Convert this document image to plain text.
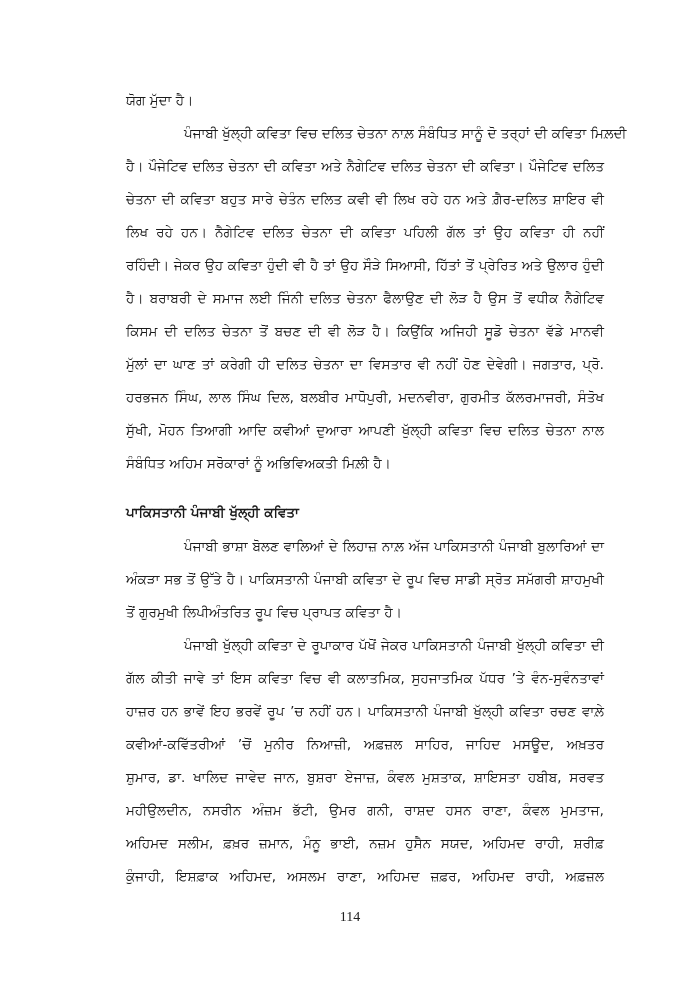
ਯੋਗ ਮੁੱਦਾ ਹੈ।
ਪੰਜਾਬੀ ਖੁੱਲ੍ਹੀ ਕਵਿਤਾ ਵਿਚ ਦਲਿਤ ਚੇਤਨਾ ਨਾਲ਼ ਸੰਬੰਧਿਤ ਸਾਨੂੰ ਦੋ ਤਰ੍ਹਾਂ ਦੀ ਕਵਿਤਾ ਮਿਲ਼ਦੀ
ਹੈ। ਪੌਜੇਟਿਵ ਦਲਿਤ ਚੇਤਨਾ ਦੀ ਕਵਿਤਾ ਅਤੇ ਨੈਗੇਟਿਵ ਦਲਿਤ ਚੇਤਨਾ ਦੀ ਕਵਿਤਾ। ਪੌਜੇਟਿਵ ਦਲਿਤ
ਚੇਤਨਾ ਦੀ ਕਵਿਤਾ ਬਹੁਤ ਸਾਰੇ ਚੇਤੰਨ ਦਲਿਤ ਕਵੀ ਵੀ ਲਿਖ ਰਹੇ ਹਨ ਅਤੇ ਗ਼ੈਰ-ਦਲਿਤ ਸ਼ਾਇਰ ਵੀ
ਲਿਖ ਰਹੇ ਹਨ। ਨੈਗੇਟਿਵ ਦਲਿਤ ਚੇਤਨਾ ਦੀ ਕਵਿਤਾ ਪਹਿਲੀ ਗੱਲ ਤਾਂ ਉਹ ਕਵਿਤਾ ਹੀ ਨਹੀਂ
ਰਹਿੰਦੀ। ਜੇਕਰ ਉਹ ਕਵਿਤਾ ਹੁੰਦੀ ਵੀ ਹੈ ਤਾਂ ਉਹ ਸੌੜੇ ਸਿਆਸੀ, ਹਿੱਤਾਂ ਤੋਂ ਪ੍ਰੇਰਿਤ ਅਤੇ ਉਲਾਰ ਹੁੰਦੀ
ਹੈ। ਬਰਾਬਰੀ ਦੇ ਸਮਾਜ ਲਈ ਜਿੰਨੀ ਦਲਿਤ ਚੇਤਨਾ ਫੈਲਾਉਣ ਦੀ ਲੋੜ ਹੈ ਉਸ ਤੋਂ ਵਧੀਕ ਨੈਗੇਟਿਵ
ਕਿਸਮ ਦੀ ਦਲਿਤ ਚੇਤਨਾ ਤੋਂ ਬਚਣ ਦੀ ਵੀ ਲੋੜ ਹੈ। ਕਿਉਂਕਿ ਅਜਿਹੀ ਸੂਡੋ ਚੇਤਨਾ ਵੱਡੇ ਮਾਨਵੀ
ਮੁੱਲਾਂ ਦਾ ਘਾਣ ਤਾਂ ਕਰੇਗੀ ਹੀ ਦਲਿਤ ਚੇਤਨਾ ਦਾ ਵਿਸਤਾਰ ਵੀ ਨਹੀਂ ਹੋਣ ਦੇਵੇਗੀ। ਜਗਤਾਰ, ਪ੍ਰੋ.
ਹਰਭਜਨ ਸਿੰਘ, ਲਾਲ ਸਿੰਘ ਦਿਲ, ਬਲਬੀਰ ਮਾਧੋਪੁਰੀ, ਮਦਨਵੀਰਾ, ਗੁਰਮੀਤ ਕੱਲਰਮਾਜਰੀ, ਸੰਤੋਖ
ਸੁੱਖੀ, ਮੋਹਨ ਤਿਆਗੀ ਆਦਿ ਕਵੀਆਂ ਦੁਆਰਾ ਆਪਣੀ ਖੁੱਲ੍ਹੀ ਕਵਿਤਾ ਵਿਚ ਦਲਿਤ ਚੇਤਨਾ ਨਾਲ
ਸੰਬੰਧਿਤ ਅਹਿਮ ਸਰੋਕਾਰਾਂ ਨੂੰ ਅਭਿਵਿਅਕਤੀ ਮਿਲ਼ੀ ਹੈ।
ਪਾਕਿਸਤਾਨੀ ਪੰਜਾਬੀ ਖੁੱਲ੍ਹੀ ਕਵਿਤਾ
ਪੰਜਾਬੀ ਭਾਸ਼ਾ ਬੋਲਣ ਵਾਲਿਆਂ ਦੇ ਲਿਹਾਜ਼ ਨਾਲ਼ ਅੱਜ ਪਾਕਿਸਤਾਨੀ ਪੰਜਾਬੀ ਬੁਲਾਰਿਆਂ ਦਾ
ਅੰਕੜਾ ਸਭ ਤੋਂ ਉੱਤੇ ਹੈ। ਪਾਕਿਸਤਾਨੀ ਪੰਜਾਬੀ ਕਵਿਤਾ ਦੇ ਰੂਪ ਵਿਚ ਸਾਡੀ ਸ੍ਰੋਤ ਸਮੱਗਰੀ ਸ਼ਾਹਮੁਖੀ
ਤੋਂ ਗੁਰਮੁਖੀ ਲਿਪੀਅੰਤਰਿਤ ਰੂਪ ਵਿਚ ਪ੍ਰਾਪਤ ਕਵਿਤਾ ਹੈ।
ਪੰਜਾਬੀ ਖੁੱਲ੍ਹੀ ਕਵਿਤਾ ਦੇ ਰੂਪਾਕਾਰ ਪੱਖੋਂ ਜੇਕਰ ਪਾਕਿਸਤਾਨੀ ਪੰਜਾਬੀ ਖੁੱਲ੍ਹੀ ਕਵਿਤਾ ਦੀ
ਗੱਲ ਕੀਤੀ ਜਾਵੇ ਤਾਂ ਇਸ ਕਵਿਤਾ ਵਿਚ ਵੀ ਕਲਾਤਮਿਕ, ਸੁਹਜਾਤਮਿਕ ਪੱਧਰ ’ਤੇ ਵੰਨ-ਸੁਵੰਨਤਾਵਾਂ
ਹਾਜ਼ਰ ਹਨ ਭਾਵੇਂ ਇਹ ਭਰਵੇਂ ਰੂਪ ’ਚ ਨਹੀਂ ਹਨ। ਪਾਕਿਸਤਾਨੀ ਪੰਜਾਬੀ ਖੁੱਲ੍ਹੀ ਕਵਿਤਾ ਰਚਣ ਵਾਲ਼ੇ
ਕਵੀਆਂ-ਕਵਿੱਤਰੀਆਂ ’ਚੋਂ ਮੁਨੀਰ ਨਿਆਜ਼ੀ, ਅਫ਼ਜ਼ਲ ਸਾਹਿਰ, ਜਾਹਿਦ ਮਸਊਦ, ਅਖ਼ਤਰ
ਸ਼ੁਮਾਰ, ਡਾ. ਖਾਲਿਦ ਜਾਵੇਦ ਜਾਨ, ਬੁਸ਼ਰਾ ਏਜਾਜ਼, ਕੰਵਲ ਮੁਸ਼ਤਾਕ, ਸ਼ਾਇਸਤਾ ਹਬੀਬ, ਸਰਵਤ
ਮਹੀਉਲਦੀਨ, ਨਸਰੀਨ ਅੰਜ਼ਮ ਭੱਟੀ, ਉਮਰ ਗਨੀ, ਰਾਸ਼ਦ ਹਸਨ ਰਾਣਾ, ਕੰਵਲ ਮੁਮਤਾਜ,
ਅਹਿਮਦ ਸਲੀਮ, ਫ਼ਖ਼ਰ ਜ਼ਮਾਨ, ਮੰਨੂ ਭਾਈ, ਨਜ਼ਮ ਹੁਸੈਨ ਸਯਦ, ਅਹਿਮਦ ਰਾਹੀ, ਸ਼ਰੀਫ਼
ਕੁੰਜਾਹੀ, ਇਸ਼ਫ਼ਾਕ ਅਹਿਮਦ, ਅਸਲਮ ਰਾਣਾ, ਅਹਿਮਦ ਜ਼ਫ਼ਰ, ਅਹਿਮਦ ਰਾਹੀ, ਅਫ਼ਜ਼ਲ
114
